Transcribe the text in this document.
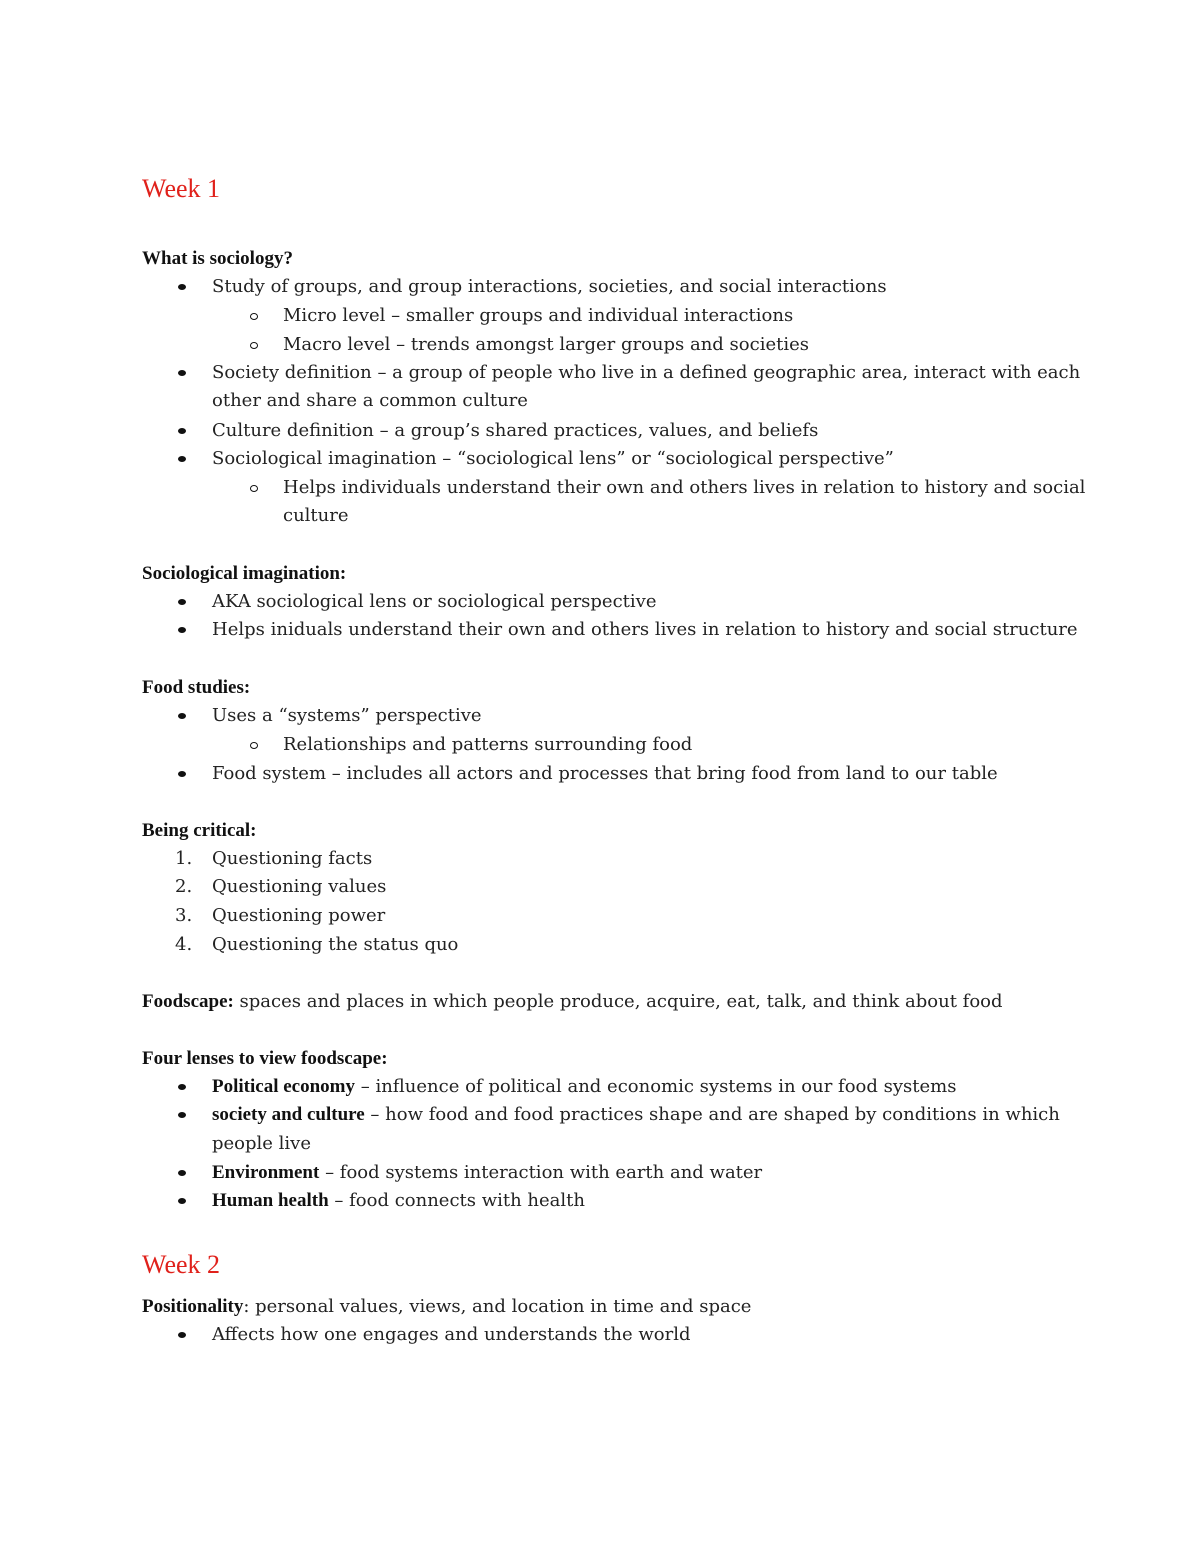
Week 1
What is sociology?
Study of groups, and group interactions, societies, and social interactions
Micro level – smaller groups and individual interactions
Macro level – trends amongst larger groups and societies
Society definition – a group of people who live in a defined geographic area, interact with each
other and share a common culture
Culture definition – a group’s shared practices, values, and beliefs
Sociological imagination – “sociological lens” or “sociological perspective”
Helps individuals understand their own and others lives in relation to history and social
culture
Sociological imagination:
AKA sociological lens or sociological perspective
Helps iniduals understand their own and others lives in relation to history and social structure
Food studies:
Uses a “systems” perspective
Relationships and patterns surrounding food
Food system – includes all actors and processes that bring food from land to our table
Being critical:
1. Questioning facts
2. Questioning values
3. Questioning power
4. Questioning the status quo
Foodscape: spaces and places in which people produce, acquire, eat, talk, and think about food
Four lenses to view foodscape:
Political economy – influence of political and economic systems in our food systems
society and culture – how food and food practices shape and are shaped by conditions in which
people live
Environment – food systems interaction with earth and water
Human health – food connects with health
Week 2
Positionality: personal values, views, and location in time and space
Affects how one engages and understands the world
